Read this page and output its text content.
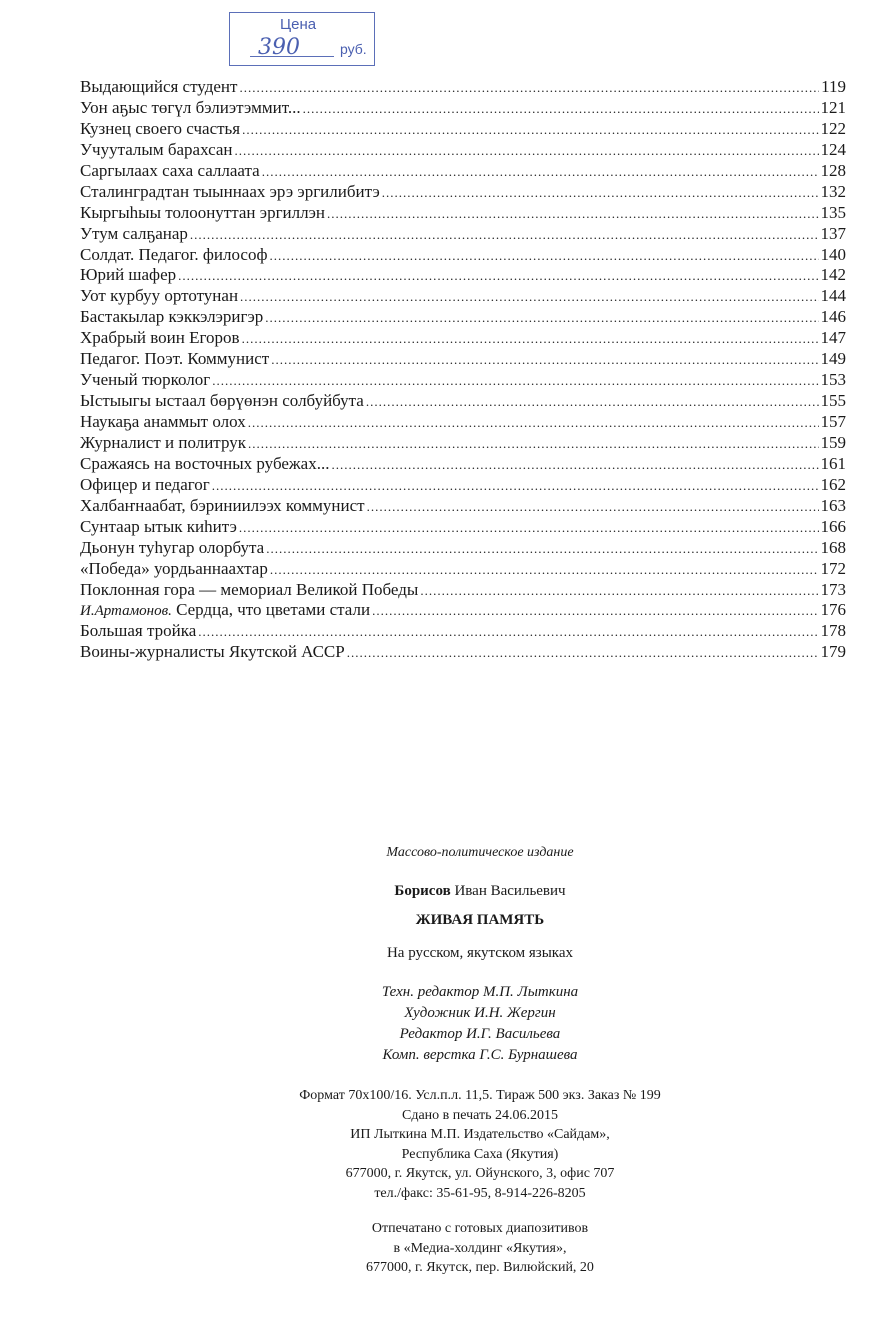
Цена
390	руб.
Выдающийся студент .....	119
Уон аҕыс төгүл бэлиэтэммит... .....	121
Кузнец своего счастья .....	122
Учууталым барахсан .....	124
Саргылаах саха саллаата .....	128
Сталинградтан тыыннаах эрэ эргилибитэ .....	132
Кыргыһыы толоонуттан эргиллэн .....	135
Утум салҕанар .....	137
Солдат. Педагог. философ .....	140
Юрий шафер .....	142
Уот курбуу ортотунан .....	144
Бастакылар кэккэлэригэр .....	146
Храбрый воин Егоров .....	147
Педагог. Поэт. Коммунист .....	149
Ученый тюрколог .....	153
Ыстыыгы ыстаал бөрүөнэн солбуйбута .....	155
Наукаҕа анаммыт олох .....	157
Журналист и политрук .....	159
Сражаясь на восточных рубежах... .....	161
Офицер и педагог .....	162
Халбаҥнаабат, бэриниилээх коммунист .....	163
Сунтаар ытык киһитэ .....	166
Дьонун туһугар олорбута .....	168
«Победа» уордьаннаахтар .....	172
Поклонная гора — мемориал Великой Победы .....	173
И.Артамонов. Сердца, что цветами стали .....	176
Большая тройка .....	178
Воины-журналисты Якутской АССР .....	179
Массово-политическое издание
Борисов Иван Васильевич
ЖИВАЯ ПАМЯТЬ
На русском, якутском языках
Техн. редактор М.П. Лыткина
Художник И.Н. Жергин
Редактор И.Г. Васильева
Комп. верстка Г.С. Бурнашева
Формат 70x100/16. Усл.п.л. 11,5. Тираж 500 экз. Заказ № 199
Сдано в печать 24.06.2015
ИП Лыткина М.П. Издательство «Сайдам»,
Республика Саха (Якутия)
677000, г. Якутск, ул. Ойунского, 3, офис 707
тел./факс: 35-61-95, 8-914-226-8205
Отпечатано с готовых диапозитивов
в «Медиа-холдинг «Якутия»,
677000, г. Якутск, пер. Вилюйский, 20
